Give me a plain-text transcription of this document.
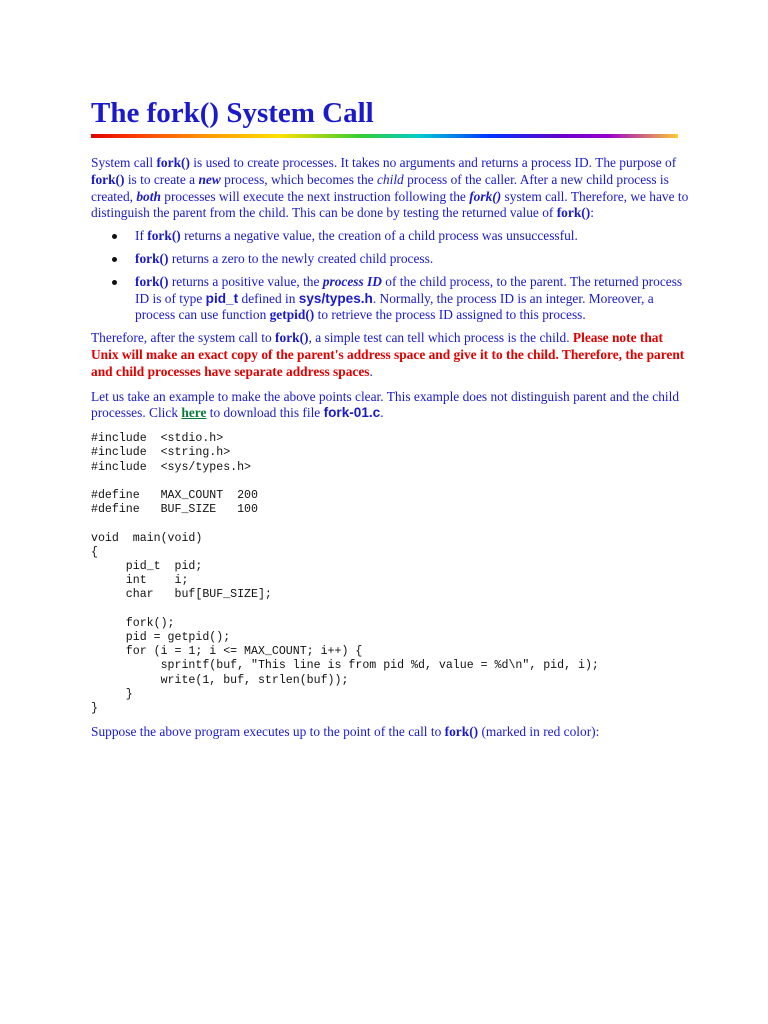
The fork() System Call

System call fork() is used to create processes. It takes no arguments and returns a process ID. The purpose of fork() is to create a new process, which becomes the child process of the caller. After a new child process is created, both processes will execute the next instruction following the fork() system call. Therefore, we have to distinguish the parent from the child. This can be done by testing the returned value of fork():

If fork() returns a negative value, the creation of a child process was unsuccessful.
fork() returns a zero to the newly created child process.
fork() returns a positive value, the process ID of the child process, to the parent. The returned process ID is of type pid_t defined in sys/types.h. Normally, the process ID is an integer. Moreover, a process can use function getpid() to retrieve the process ID assigned to this process.

Therefore, after the system call to fork(), a simple test can tell which process is the child. Please note that Unix will make an exact copy of the parent's address space and give it to the child. Therefore, the parent and child processes have separate address spaces.

Let us take an example to make the above points clear. This example does not distinguish parent and the child processes. Click here to download this file fork-01.c.

#include  <stdio.h>
#include  <string.h>
#include  <sys/types.h>

#define   MAX_COUNT  200
#define   BUF_SIZE   100

void  main(void)
{
pid_t  pid;
int    i;
char   buf[BUF_SIZE];

fork();
pid = getpid();
for (i = 1; i <= MAX_COUNT; i++) {
sprintf(buf, "This line is from pid %d, value = %d\n", pid, i);
write(1, buf, strlen(buf));
}
}

Suppose the above program executes up to the point of the call to fork() (marked in red color):
